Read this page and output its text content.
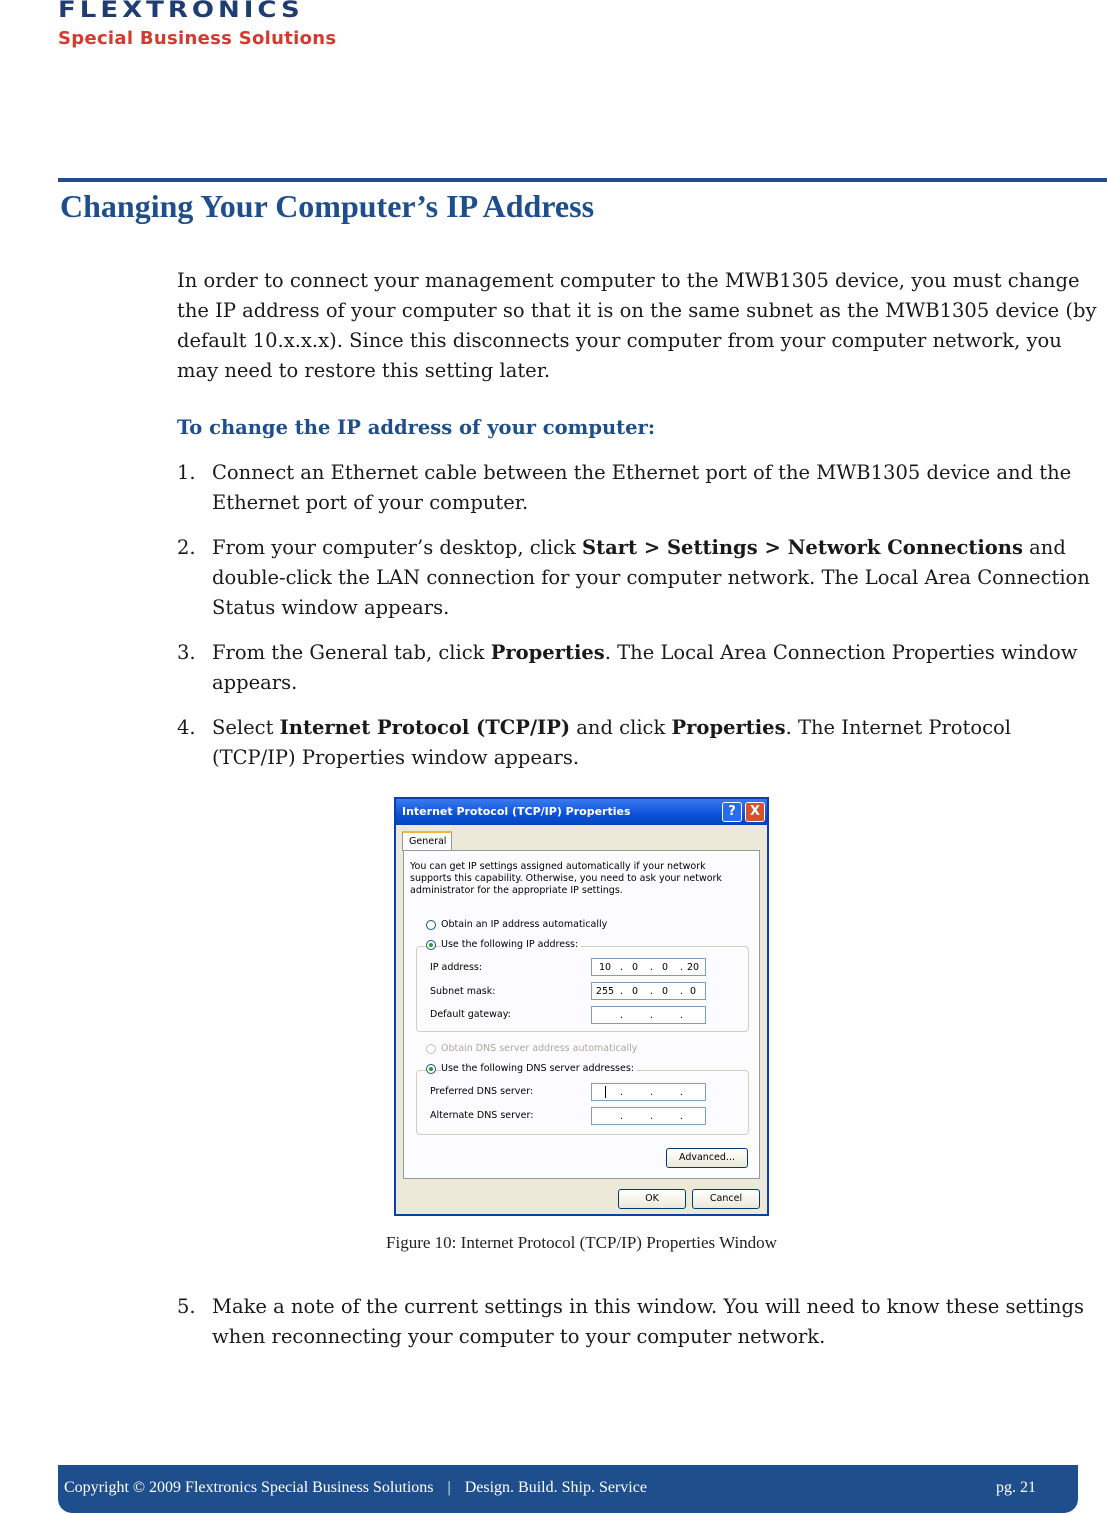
FLEXTRONICS
Special Business Solutions
Changing Your Computer’s IP Address
In order to connect your management computer to the MWB1305 device, you must change the IP address of your computer so that it is on the same subnet as the MWB1305 device (by default 10.x.x.x). Since this disconnects your computer from your computer network, you may need to restore this setting later.
To change the IP address of your computer:
1. Connect an Ethernet cable between the Ethernet port of the MWB1305 device and the Ethernet port of your computer.
2. From your computer’s desktop, click Start > Settings > Network Connections and double-click the LAN connection for your computer network. The Local Area Connection Status window appears.
3. From the General tab, click Properties. The Local Area Connection Properties window appears.
4. Select Internet Protocol (TCP/IP) and click Properties. The Internet Protocol (TCP/IP) Properties window appears.
Internet Protocol (TCP/IP) Properties	?	X
General
You can get IP settings assigned automatically if your network supports this capability. Otherwise, you need to ask your network administrator for the appropriate IP settings.
Obtain an IP address automatically
Use the following IP address:
IP address:	10 . 0	. 0	. 20
Subnet mask:	255 . 0	. 0	. 0
Default gateway:	.	.	.
Obtain DNS server address automatically
Use the following DNS server addresses:
Preferred DNS server:	.	.	.
Alternate DNS server:	.	.	.
Advanced...
OK	Cancel
Figure 10: Internet Protocol (TCP/IP) Properties Window
5. Make a note of the current settings in this window. You will need to know these settings when reconnecting your computer to your computer network.
Copyright © 2009 Flextronics Special Business Solutions | Design. Build. Ship. Service	pg. 21
